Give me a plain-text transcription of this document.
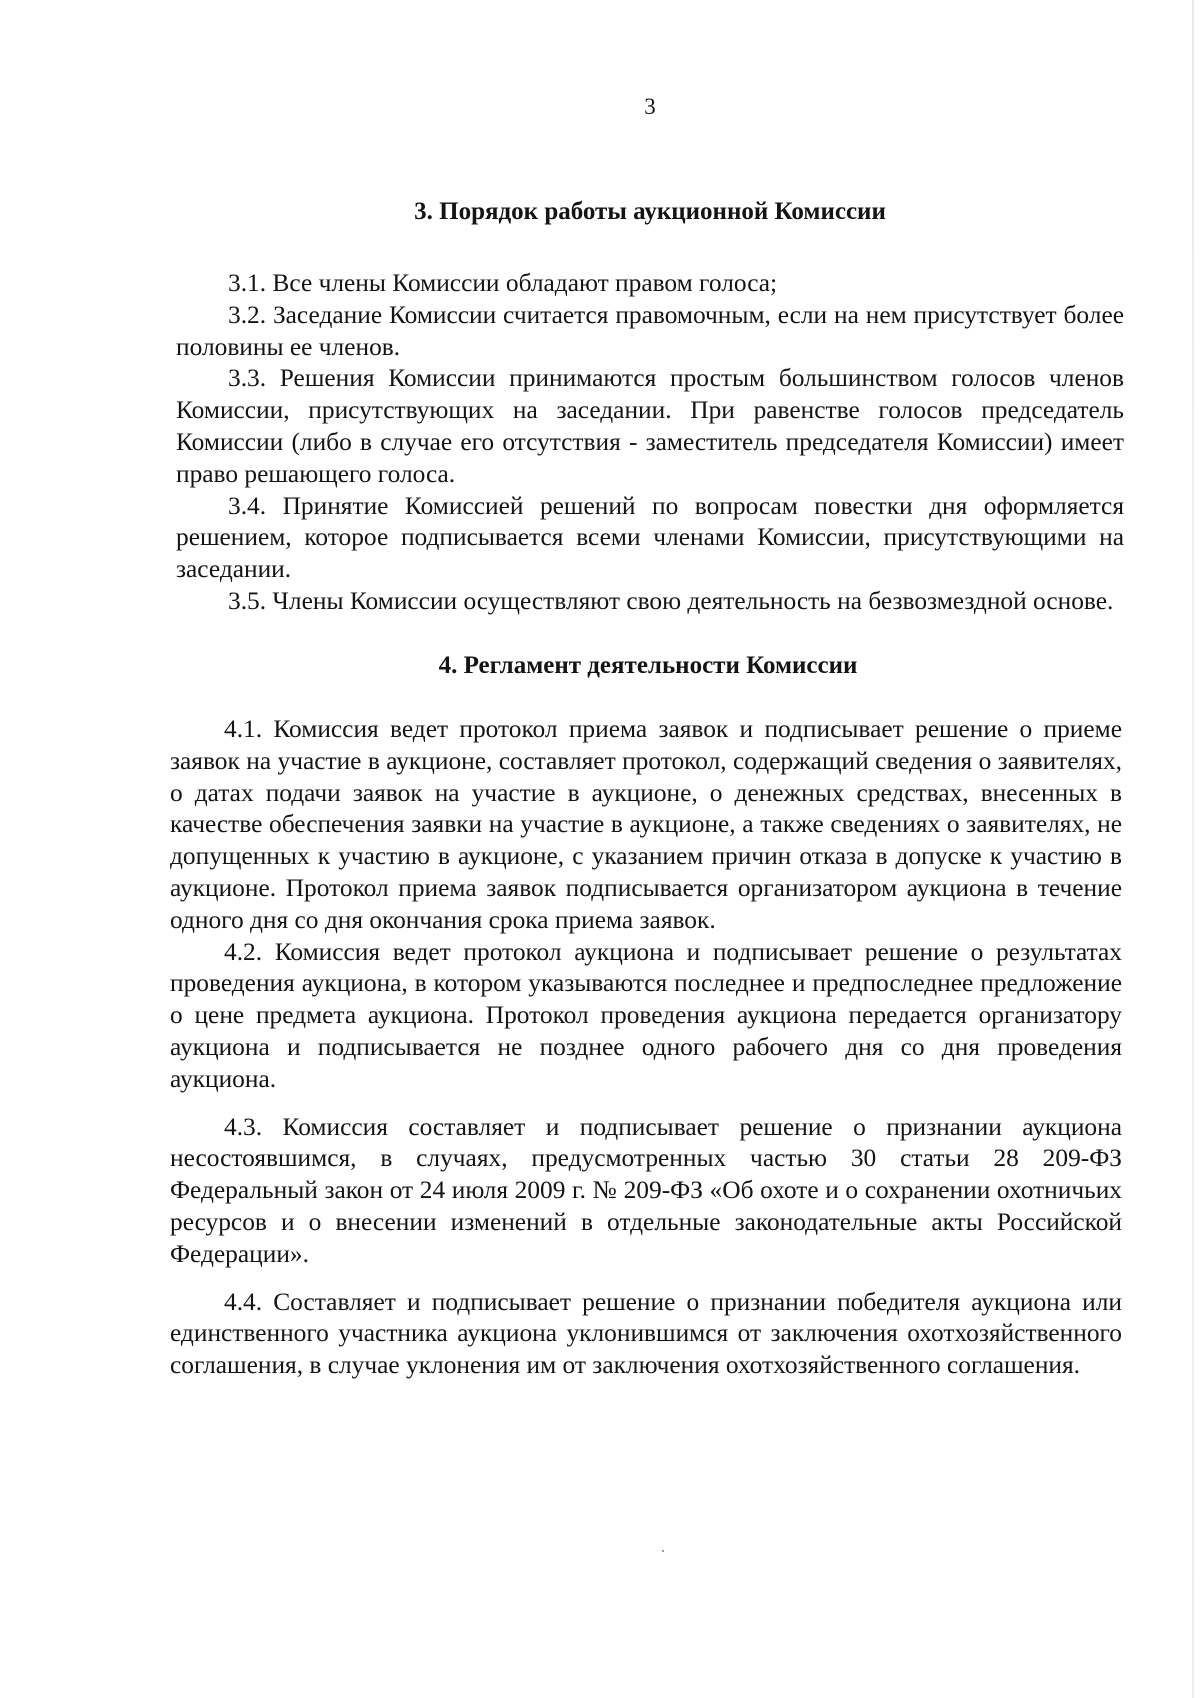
3
3. Порядок работы аукционной Комиссии

3.1. Все члены Комиссии обладают правом голоса;

3.2. Заседание Комиссии считается правомочным, если на нем присутствует более половины ее членов.

3.3. Решения Комиссии принимаются простым большинством голосов членов Комиссии, присутствующих на заседании. При равенстве голосов председатель Комиссии (либо в случае его отсутствия - заместитель председателя Комиссии) имеет право решающего голоса.

3.4. Принятие Комиссией решений по вопросам повестки дня оформляется решением, которое подписывается всеми членами Комиссии, присутствующими на заседании.

3.5. Члены Комиссии осуществляют свою деятельность на безвозмездной основе.

4. Регламент деятельности Комиссии

4.1. Комиссия ведет протокол приема заявок и подписывает решение о приеме заявок на участие в аукционе, составляет протокол, содержащий сведения о заявителях, о датах подачи заявок на участие в аукционе, о денежных средствах, внесенных в качестве обеспечения заявки на участие в аукционе, а также сведениях о заявителях, не допущенных к участию в аукционе, с указанием причин отказа в допуске к участию в аукционе. Протокол приема заявок подписывается организатором аукциона в течение одного дня со дня окончания срока приема заявок.

4.2. Комиссия ведет протокол аукциона и подписывает решение о результатах проведения аукциона, в котором указываются последнее и предпоследнее предложение о цене предмета аукциона. Протокол проведения аукциона передается организатору аукциона и подписывается не позднее одного рабочего дня со дня проведения аукциона.

4.3. Комиссия составляет и подписывает решение о признании аукциона несостоявшимся, в случаях, предусмотренных частью 30 статьи 28 209-ФЗ Федеральный закон от 24 июля 2009 г. № 209-ФЗ «Об охоте и о сохранении охотничьих ресурсов и о внесении изменений в отдельные законодательные акты Российской Федерации».

4.4. Составляет и подписывает решение о признании победителя аукциона или единственного участника аукциона уклонившимся от заключения охотхозяйственного соглашения, в случае уклонения им от заключения охотхозяйственного соглашения.
